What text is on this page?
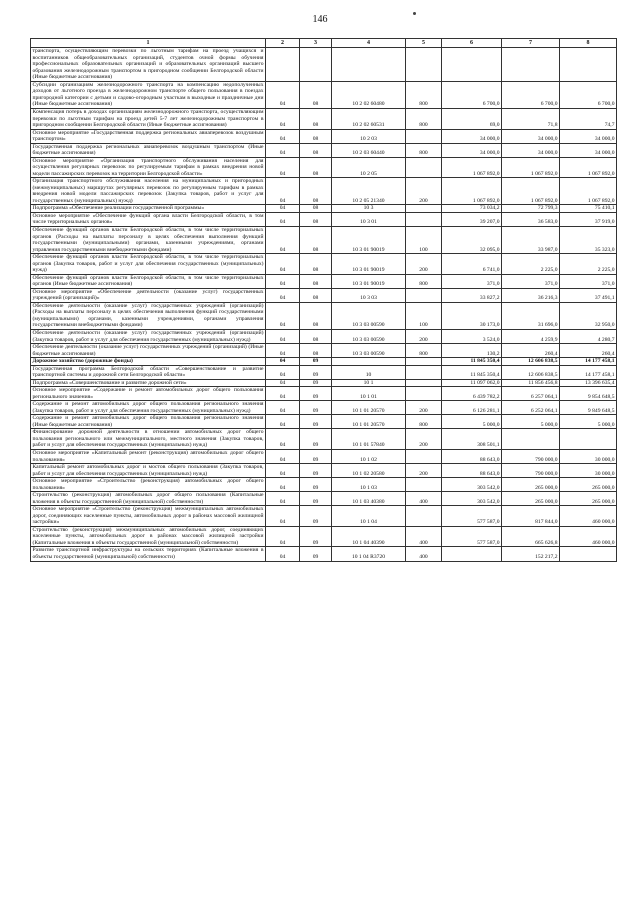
146
1	2	3	4	5	6	7	8
транспорта, осуществляющим перевозки по льготным тарифам на проезд учащихся и воспитанников общеобразовательных организаций, студентов очной формы обучения профессиональных образовательных организаций и образовательных организаций высшего образования железнодорожным транспортом в пригородном сообщении Белгородской области (Иные бюджетные ассигнования)							
Субсидии организациям железнодорожного транспорта на компенсацию недополученных доходов от льготного проезда в железнодорожном транспорте общего пользования в поездах пригородной категории с детьми и садово-огородным участкам в выходные и праздничные дни (Иные бюджетные ассигнования)	04	08	10 2 02 60480	800	6 700,0	6 700,0	6 700,0
Компенсация потерь в доходах организациям железнодорожного транспорта, осуществляющим перевозки по льготным тарифам на проезд детей 5-7 лет железнодорожным транспортом в пригородном сообщении Белгородской области (Иные бюджетные ассигнования)	04	08	10 2 02 60531	800	69,0	71,8	74,7
Основное мероприятие «Государственная поддержка региональных авиаперевозок воздушным транспортом»	04	08	10 2 03		34 000,0	34 000,0	34 000,0
Государственная поддержка региональных авиаперевозок воздушным транспортом (Иные бюджетные ассигнования)	04	08	10 2 03 60440	800	34 000,0	34 000,0	34 000,0
Основное мероприятие «Организация транспортного обслуживания населения для осуществления регулярных перевозок по регулируемым тарифам в рамках внедрения новой модели пассажирских перевозок на территории Белгородской области»	04	08	10 2 05		1 067 892,0	1 067 892,0	1 067 892,0
Организация транспортного обслуживания населения на муниципальных и пригородных (межмуниципальных) маршрутах регулярных перевозок по регулируемым тарифам в рамках внедрения новой модели пассажирских перевозок (Закупка товаров, работ и услуг для государственных (муниципальных) нужд)	04	08	10 2 05 21340	200	1 067 892,0	1 067 892,0	1 067 892,0
Подпрограмма «Обеспечение реализации государственной программы»	04	08	10 3		73 034,2	72 799,3	75 410,1
Основное мероприятие «Обеспечение функций органа власти Белгородской области, в том числе территориальных органов»	04	08	10 3 01		39 207,0	36 583,0	37 919,0
Обеспечение функций органов власти Белгородской области, в том числе территориальных органов (Расходы на выплаты персоналу в целях обеспечения выполнения функций государственными (муниципальными) органами, казенными учреждениями, органами управления государственными внебюджетными фондами)	04	08	10 3 01 90019	100	32 095,0	33 987,0	35 323,0
Обеспечение функций органов власти Белгородской области, в том числе территориальных органов (Закупка товаров, работ и услуг для обеспечения государственных (муниципальных) нужд)	04	08	10 3 01 90019	200	6 741,0	2 225,0	2 225,0
Обеспечение функций органов власти Белгородской области, в том числе территориальных органов (Иные бюджетные ассигнования)	04	08	10 3 01 90019	800	371,0	371,0	371,0
Основное мероприятие «Обеспечение деятельности (оказание услуг) государственных учреждений (организаций)»	04	08	10 3 03		33 827,2	36 216,3	37 491,1
Обеспечение деятельности (оказание услуг) государственных учреждений (организаций) (Расходы на выплаты персоналу в целях обеспечения выполнения функций государственными (муниципальными) органами, казенными учреждениями, органами управления государственными внебюджетными фондами)	04	08	10 3 03 00590	100	30 173,0	31 696,0	32 950,0
Обеспечение деятельности (оказание услуг) государственных учреждений (организаций) (Закупка товаров, работ и услуг для обеспечения государственных (муниципальных) нужд)	04	08	10 3 03 00590	200	3 524,0	4 259,9	4 280,7
Обеспечение деятельности (оказание услуг) государственных учреждений (организаций) (Иные бюджетные ассигнования)	04	08	10 3 03 00590	800	130,2	260,4	260,4
Дорожное хозяйство (дорожные фонды)	04	09			11 845 350,4	12 606 838,5	14 177 458,1
Государственная программа Белгородской области «Совершенствование и развитие транспортной системы и дорожной сети Белгородской области»	04	09	10		11 845 350,4	12 606 838,5	14 177 458,1
Подпрограмма «Совершенствование и развитие дорожной сети»	04	09	10 1		11 097 062,0	11 856 456,8	13 396 635,4
Основное мероприятие «Содержание и ремонт автомобильных дорог общего пользования регионального значения»	04	09	10 1 01		6 439 782,2	6 257 064,1	9 854 648,5
Содержание и ремонт автомобильных дорог общего пользования регионального значения (Закупка товаров, работ и услуг для обеспечения государственных (муниципальных) нужд)	04	09	10 1 01 20570	200	6 126 281,1	6 252 064,1	9 849 648,5
Содержание и ремонт автомобильных дорог общего пользования регионального значения (Иные бюджетные ассигнования)	04	09	10 1 01 20570	800	5 000,0	5 000,0	5 000,0
Финансирование дорожной деятельности в отношении автомобильных дорог общего пользования регионального или межмуниципального, местного значения (Закупка товаров, работ и услуг для обеспечения государственных (муниципальных) нужд)	04	09	10 1 01 57840	200	308 501,1		
Основное мероприятие «Капитальный ремонт (реконструкция) автомобильных дорог общего пользования»	04	09	10 1 02		88 643,0	790 000,0	30 000,0
Капитальный ремонт автомобильных дорог и мостов общего пользования (Закупка товаров, работ и услуг для обеспечения государственных (муниципальных) нужд)	04	09	10 1 02 20580	200	88 643,0	790 000,0	30 000,0
Основное мероприятие «Строительство (реконструкция) автомобильных дорог общего пользования»	04	09	10 1 03		303 542,0	265 000,0	265 000,0
Строительство (реконструкция) автомобильных дорог общего пользования (Капитальные вложения в объекты государственной (муниципальной) собственности)	04	09	10 1 03 40380	400	303 542,0	265 000,0	265 000,0
Основное мероприятие «Строительство (реконструкция) межмуниципальных автомобильных дорог, соединяющих населенные пункты, автомобильных дорог в районах массовой жилищной застройки»	04	09	10 1 04		577 587,0	817 844,0	460 000,0
Строительство (реконструкция) межмуниципальных автомобильных дорог, соединяющих населенные пункты, автомобильных дорог в районах массовой жилищной застройки (Капитальные вложения в объекты государственной (муниципальной) собственности)	04	09	10 1 04 40390	400	577 587,0	665 626,8	460 000,0
Развитие транспортной инфраструктуры на сельских территориях (Капитальные вложения в объекты государственной (муниципальной) собственности)	04	09	10 1 04 R3720	400		152 217,2	
